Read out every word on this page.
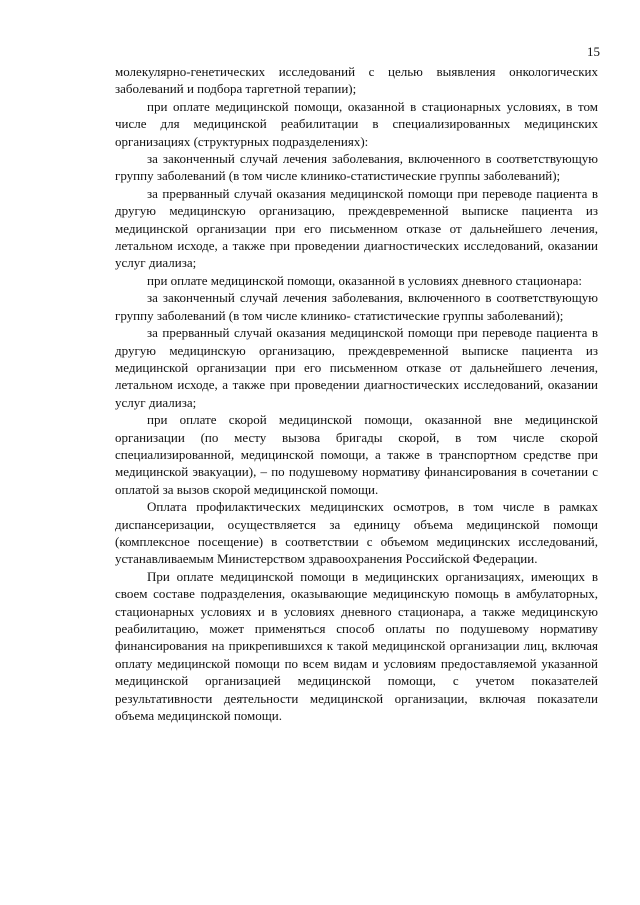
15

молекулярно-генетических исследований с целью выявления онкологических заболеваний и подбора таргетной терапии);

при оплате медицинской помощи, оказанной в стационарных условиях, в том числе для медицинской реабилитации в специализированных медицинских организациях (структурных подразделениях):

за законченный случай лечения заболевания, включенного в соответствующую группу заболеваний (в том числе клинико-статистические группы заболеваний);

за прерванный случай оказания медицинской помощи при переводе пациента в другую медицинскую организацию, преждевременной выписке пациента из медицинской организации при его письменном отказе от дальнейшего лечения, летальном исходе, а также при проведении диагностических исследований, оказании услуг диализа;

при оплате медицинской помощи, оказанной в условиях дневного стационара:

за законченный случай лечения заболевания, включенного в соответствующую группу заболеваний (в том числе клинико- статистические группы заболеваний);

за прерванный случай оказания медицинской помощи при переводе пациента в другую медицинскую организацию, преждевременной выписке пациента из медицинской организации при его письменном отказе от дальнейшего лечения, летальном исходе, а также при проведении диагностических исследований, оказании услуг диализа;

при оплате скорой медицинской помощи, оказанной вне медицинской организации (по месту вызова бригады скорой, в том числе скорой специализированной, медицинской помощи, а также в транспортном средстве при медицинской эвакуации), – по подушевому нормативу финансирования в сочетании с оплатой за вызов скорой медицинской помощи.

Оплата профилактических медицинских осмотров, в том числе в рамках диспансеризации, осуществляется за единицу объема медицинской помощи (комплексное посещение) в соответствии с объемом медицинских исследований, устанавливаемым Министерством здравоохранения Российской Федерации.

При оплате медицинской помощи в медицинских организациях, имеющих в своем составе подразделения, оказывающие медицинскую помощь в амбулаторных, стационарных условиях и в условиях дневного стационара, а также медицинскую реабилитацию, может применяться способ оплаты по подушевому нормативу финансирования на прикрепившихся к такой медицинской организации лиц, включая оплату медицинской помощи по всем видам и условиям предоставляемой указанной медицинской организацией медицинской помощи, с учетом показателей результативности деятельности медицинской организации, включая показатели объема медицинской помощи.
